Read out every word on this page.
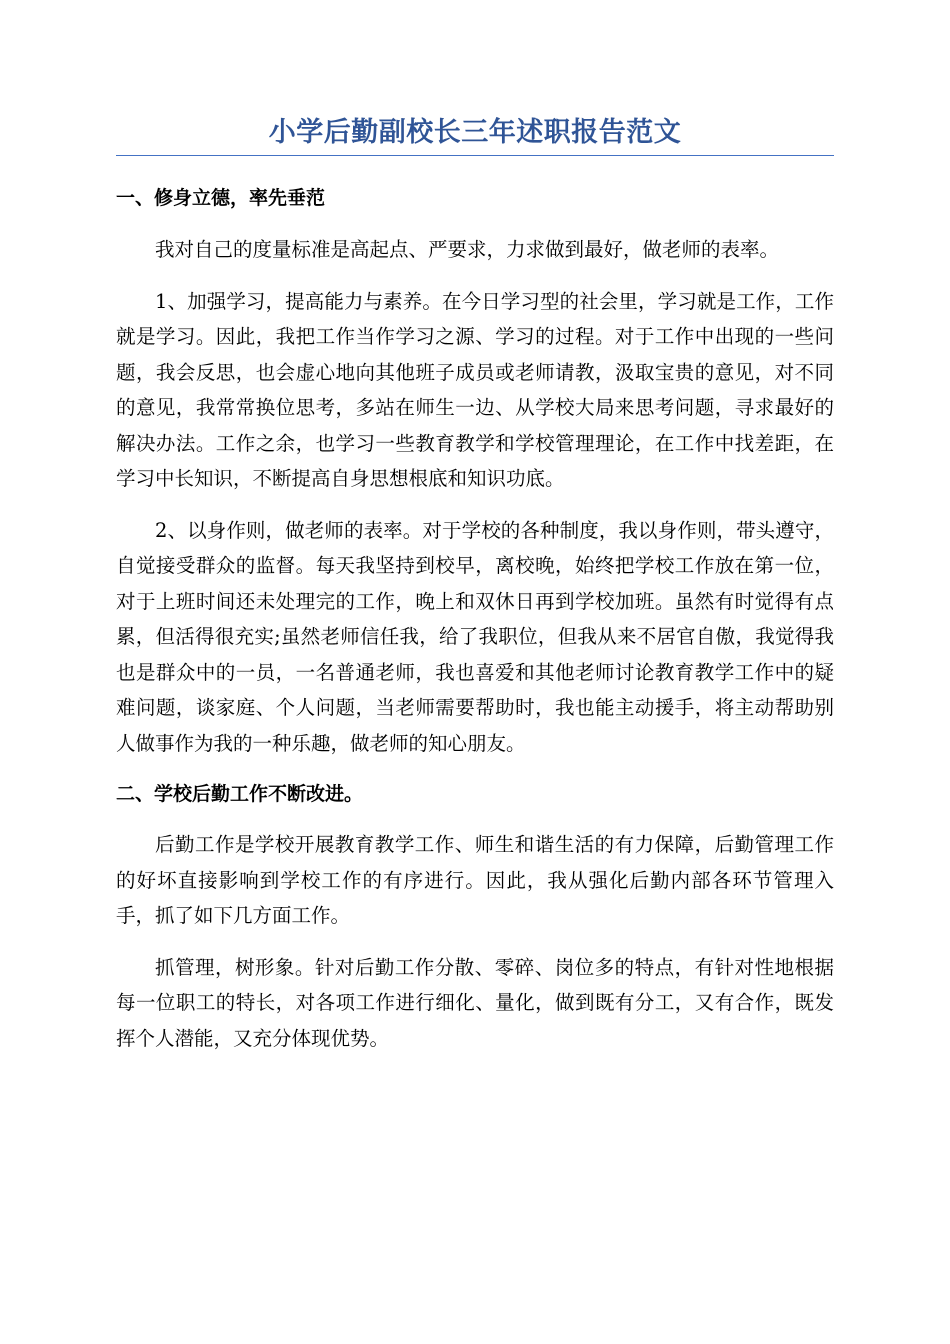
小学后勤副校长三年述职报告范文
一、修身立德，率先垂范

我对自己的度量标准是高起点、严要求，力求做到最好，做老师的表率。

1、加强学习，提高能力与素养。在今日学习型的社会里，学习就是工作，工作就是学习。因此，我把工作当作学习之源、学习的过程。对于工作中出现的一些问题，我会反思，也会虚心地向其他班子成员或老师请教，汲取宝贵的意见，对不同的意见，我常常换位思考，多站在师生一边、从学校大局来思考问题，寻求最好的解决办法。工作之余，也学习一些教育教学和学校管理理论，在工作中找差距，在学习中长知识，不断提高自身思想根底和知识功底。

2、以身作则，做老师的表率。对于学校的各种制度，我以身作则，带头遵守，自觉接受群众的监督。每天我坚持到校早，离校晚，始终把学校工作放在第一位，对于上班时间还未处理完的工作，晚上和双休日再到学校加班。虽然有时觉得有点累，但活得很充实;虽然老师信任我，给了我职位，但我从来不居官自傲，我觉得我也是群众中的一员，一名普通老师，我也喜爱和其他老师讨论教育教学工作中的疑难问题，谈家庭、个人问题，当老师需要帮助时，我也能主动援手，将主动帮助别人做事作为我的一种乐趣，做老师的知心朋友。

二、学校后勤工作不断改进。

后勤工作是学校开展教育教学工作、师生和谐生活的有力保障，后勤管理工作的好坏直接影响到学校工作的有序进行。因此，我从强化后勤内部各环节管理入手，抓了如下几方面工作。

抓管理，树形象。针对后勤工作分散、零碎、岗位多的特点，有针对性地根据每一位职工的特长，对各项工作进行细化、量化，做到既有分工，又有合作，既发挥个人潜能，又充分体现优势。
